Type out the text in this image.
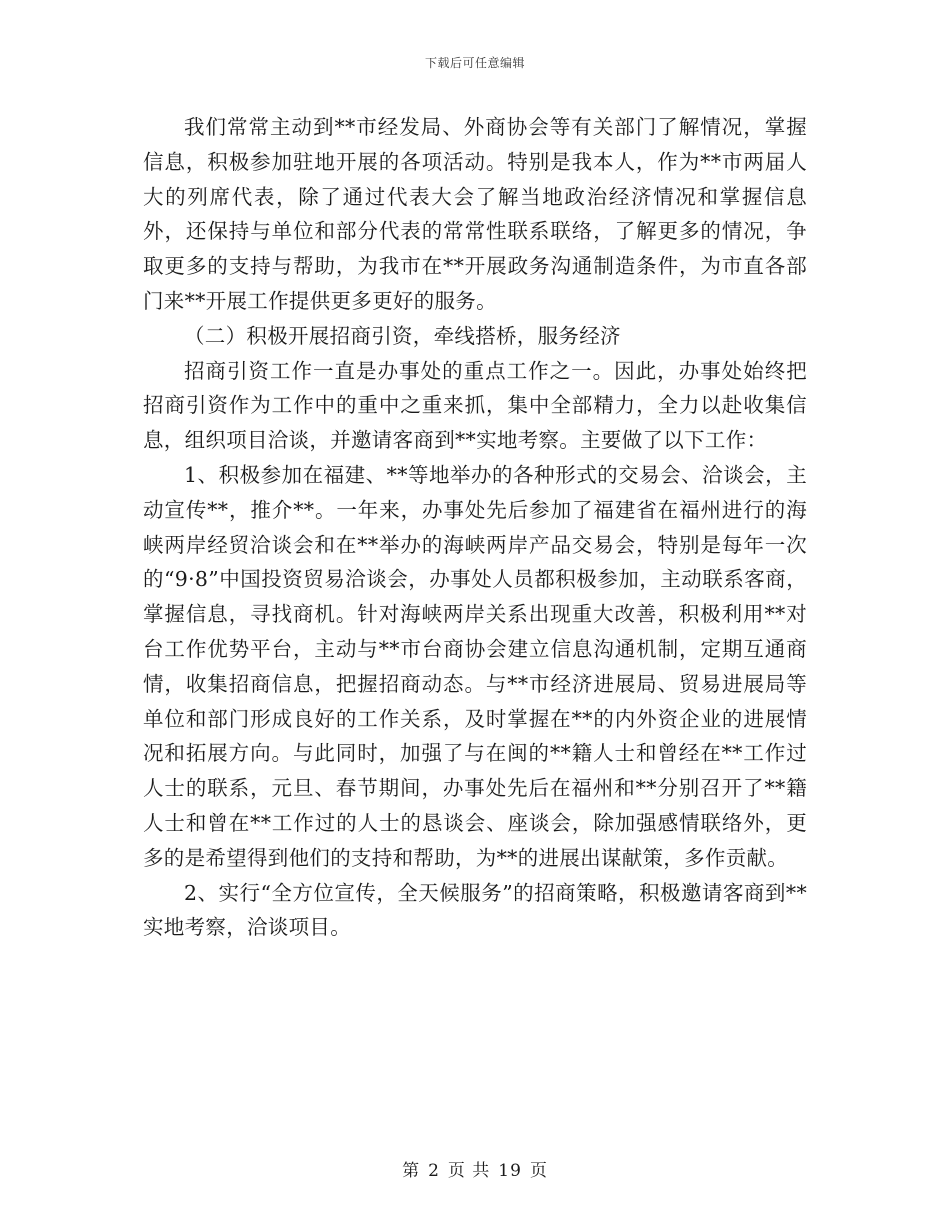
下载后可任意编辑

我们常常主动到**市经发局、外商协会等有关部门了解情况，掌握信息，积极参加驻地开展的各项活动。特别是我本人，作为**市两届人大的列席代表，除了通过代表大会了解当地政治经济情况和掌握信息外，还保持与单位和部分代表的常常性联系联络，了解更多的情况，争取更多的支持与帮助，为我市在**开展政务沟通制造条件，为市直各部门来**开展工作提供更多更好的服务。

（二）积极开展招商引资，牵线搭桥，服务经济

招商引资工作一直是办事处的重点工作之一。因此，办事处始终把招商引资作为工作中的重中之重来抓，集中全部精力，全力以赴收集信息，组织项目洽谈，并邀请客商到**实地考察。主要做了以下工作：

1、积极参加在福建、**等地举办的各种形式的交易会、洽谈会，主动宣传**，推介**。一年来，办事处先后参加了福建省在福州进行的海峡两岸经贸洽谈会和在**举办的海峡两岸产品交易会，特别是每年一次的“9·8”中国投资贸易洽谈会，办事处人员都积极参加，主动联系客商，掌握信息，寻找商机。针对海峡两岸关系出现重大改善，积极利用**对台工作优势平台，主动与**市台商协会建立信息沟通机制，定期互通商情，收集招商信息，把握招商动态。与**市经济进展局、贸易进展局等单位和部门形成良好的工作关系，及时掌握在**的内外资企业的进展情况和拓展方向。与此同时，加强了与在闽的**籍人士和曾经在**工作过人士的联系，元旦、春节期间，办事处先后在福州和**分别召开了**籍人士和曾在**工作过的人士的恳谈会、座谈会，除加强感情联络外，更多的是希望得到他们的支持和帮助，为**的进展出谋献策，多作贡献。

2、实行“全方位宣传，全天候服务”的招商策略，积极邀请客商到**实地考察，洽谈项目。

第 2 页 共 19 页
